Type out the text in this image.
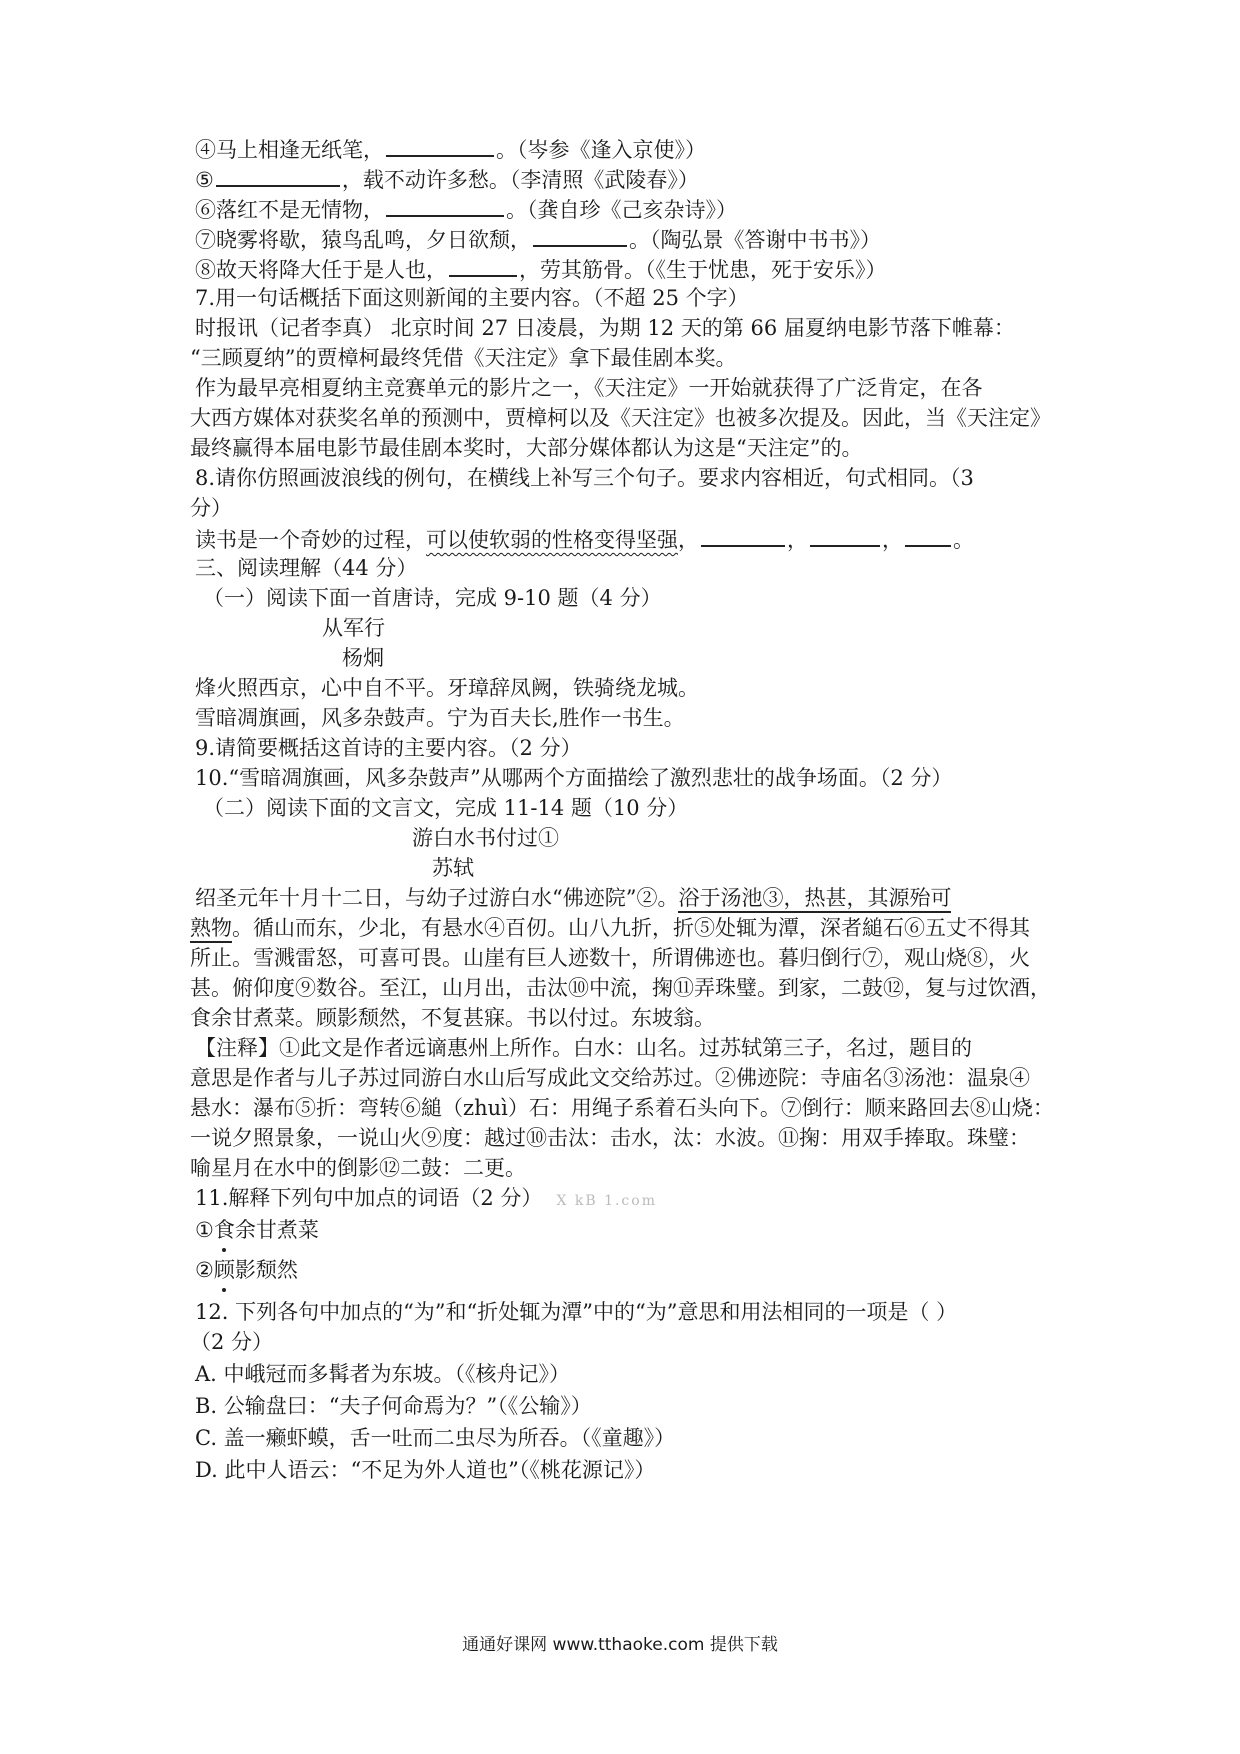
④马上相逢无纸笔，	。（岑参《逢入京使》）
⑤	，载不动许多愁。（李清照《武陵春》）
⑥落红不是无情物，	。（龚自珍《己亥杂诗》）
⑦晓雾将歇，猿鸟乱鸣，夕日欲颓，	。（陶弘景《答谢中书书》）
⑧故天将降大任于是人也，	，劳其筋骨。（《生于忧患，死于安乐》）
7.用一句话概括下面这则新闻的主要内容。（不超 25 个字）
时报讯（记者李真） 北京时间 27 日凌晨，为期 12 天的第 66 届夏纳电影节落下帷幕：
“三顾夏纳”的贾樟柯最终凭借《天注定》拿下最佳剧本奖。
作为最早亮相夏纳主竞赛单元的影片之一，《天注定》一开始就获得了广泛肯定，在各
大西方媒体对获奖名单的预测中，贾樟柯以及《天注定》也被多次提及。因此，当《天注定》
最终赢得本届电影节最佳剧本奖时，大部分媒体都认为这是“天注定”的。
8.请你仿照画波浪线的例句，在横线上补写三个句子。要求内容相近，句式相同。（3
分）
读书是一个奇妙的过程，可以使软弱的性格变得坚强，	，	， 。
三、阅读理解（44 分）
（一）阅读下面一首唐诗，完成 9-10 题（4 分）
从军行
杨炯
烽火照西京，心中自不平。牙璋辞凤阙，铁骑绕龙城。
雪暗凋旗画，风多杂鼓声。宁为百夫长,胜作一书生。
9.请简要概括这首诗的主要内容。（2 分）
10.“雪暗凋旗画，风多杂鼓声”从哪两个方面描绘了激烈悲壮的战争场面。（2 分）
（二）阅读下面的文言文，完成 11-14 题（10 分）
游白水书付过①
苏轼
绍圣元年十月十二日，与幼子过游白水“佛迹院”②。浴于汤池③，热甚，其源殆可
熟物。循山而东，少北，有悬水④百仞。山八九折，折⑤处辄为潭，深者縋石⑥五丈不得其
所止。雪溅雷怒，可喜可畏。山崖有巨人迹数十，所谓佛迹也。暮归倒行⑦，观山烧⑧，火
甚。俯仰度⑨数谷。至江，山月出，击汰⑩中流，掬⑪弄珠璧。到家，二鼓⑫，复与过饮酒，
食余甘煮菜。顾影颓然，不复甚寐。书以付过。东坡翁。
【注释】①此文是作者远谪惠州上所作。白水：山名。过苏轼第三子，名过，题目的
意思是作者与儿子苏过同游白水山后写成此文交给苏过。②佛迹院：寺庙名③汤池：温泉④
悬水：瀑布⑤折：弯转⑥縋（zhuì）石：用绳子系着石头向下。⑦倒行：顺来路回去⑧山烧：
一说夕照景象，一说山火⑨度：越过⑩击汰：击水，汰：水波。⑪掬：用双手捧取。珠璧：
喻星月在水中的倒影⑫二鼓：二更。
11.解释下列句中加点的词语（2 分） X kB 1.com
①食余甘煮菜
②顾影颓然
12. 下列各句中加点的“为”和“折处辄为潭”中的“为”意思和用法相同的一项是（ ）
（2 分）
A. 中峨冠而多髯者为东坡。（《核舟记》）
B. 公输盘曰：“夫子何命焉为？”（《公输》）
C. 盖一癞虾蟆，舌一吐而二虫尽为所吞。（《童趣》）
D. 此中人语云：“不足为外人道也”（《桃花源记》）
通通好课网 www.tthaoke.com 提供下载
